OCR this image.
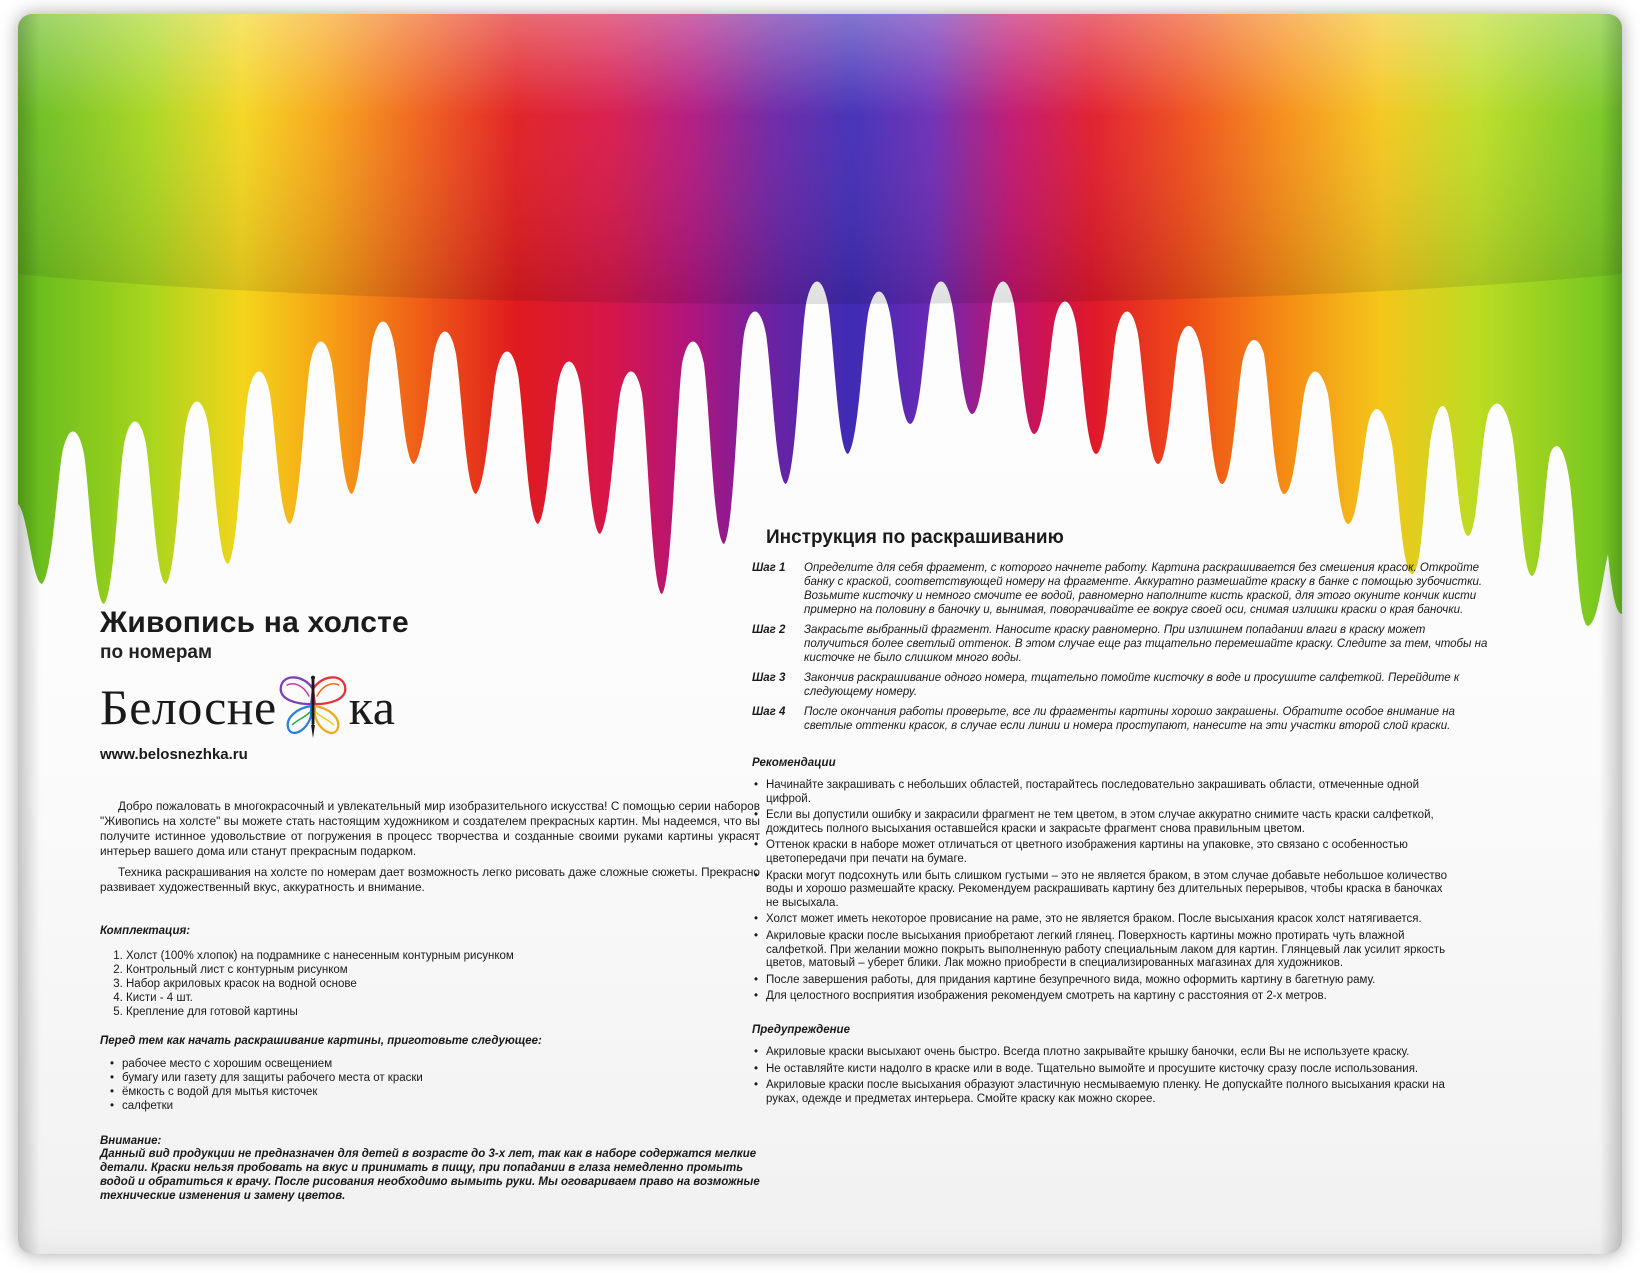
Живопись на холсте
по номерам
Белосне ка
www.belosnezhka.ru

Добро пожаловать в многокрасочный и увлекательный мир изобразительного искусства! С помощью серии наборов "Живопись на холсте" вы можете стать настоящим художником и создателем прекрасных картин. Мы надеемся, что вы получите истинное удовольствие от погружения в процесс творчества и созданные своими руками картины украсят интерьер вашего дома или станут прекрасным подарком.

Техника раскрашивания на холсте по номерам дает возможность легко рисовать даже сложные сюжеты. Прекрасно развивает художественный вкус, аккуратность и внимание.

Комплектация:
1. Холст (100% хлопок) на подрамнике с нанесенным контурным рисунком
2. Контрольный лист с контурным рисунком
3. Набор акриловых красок на водной основе
4. Кисти - 4 шт.
5. Крепление для готовой картины
Перед тем как начать раскрашивание картины, приготовьте следующее:
• рабочее место с хорошим освещением
• бумагу или газету для защиты рабочего места от краски
• ёмкость с водой для мытья кисточек
• салфетки
Внимание:

Данный вид продукции не предназначен для детей в возрасте до 3-х лет, так как в наборе содержатся мелкие детали. Краски нельзя пробовать на вкус и принимать в пищу, при попадании в глаза немедленно промыть водой и обратиться к врачу. После рисования необходимо вымыть руки. Мы оговариваем право на возможные технические изменения и замену цветов.

Инструкция по раскрашиванию
Шаг 1	Определите для себя фрагмент, с которого начнете работу. Картина раскрашивается без смешения красок. Откройте банку с краской, соответствующей номеру на фрагменте. Аккуратно размешайте краску в банке с помощью зубочистки. Возьмите кисточку и немного смочите ее водой, равномерно наполните кисть краской, для этого окуните кончик кисти примерно на половину в баночку и, вынимая, поворачивайте ее вокруг своей оси, снимая излишки краски о края баночки.
Шаг 2	Закрасьте выбранный фрагмент. Наносите краску равномерно. При излишнем попадании влаги в краску может получиться более светлый оттенок. В этом случае еще раз тщательно перемешайте краску. Следите за тем, чтобы на кисточке не было слишком много воды.
Шаг 3	Закончив раскрашивание одного номера, тщательно помойте кисточку в воде и просушите салфеткой. Перейдите к следующему номеру.
Шаг 4	После окончания работы проверьте, все ли фрагменты картины хорошо закрашены. Обратите особое внимание на светлые оттенки красок, в случае если линии и номера проступают, нанесите на эти участки второй слой краски.
Рекомендации
• Начинайте закрашивать с небольших областей, постарайтесь последовательно закрашивать области, отмеченные одной цифрой.
• Если вы допустили ошибку и закрасили фрагмент не тем цветом, в этом случае аккуратно снимите часть краски салфеткой, дождитесь полного высыхания оставшейся краски и закрасьте фрагмент снова правильным цветом.
• Оттенок краски в наборе может отличаться от цветного изображения картины на упаковке, это связано с особенностью цветопередачи при печати на бумаге.
• Краски могут подсохнуть или быть слишком густыми – это не является браком, в этом случае добавьте небольшое количество воды и хорошо размешайте краску. Рекомендуем раскрашивать картину без длительных перерывов, чтобы краска в баночках не высыхала.
• Холст может иметь некоторое провисание на раме, это не является браком. После высыхания красок холст натягивается.
• Акриловые краски после высыхания приобретают легкий глянец. Поверхность картины можно протирать чуть влажной салфеткой. При желании можно покрыть выполненную работу специальным лаком для картин. Глянцевый лак усилит яркость цветов, матовый – уберет блики. Лак можно приобрести в специализированных магазинах для художников.
• После завершения работы, для придания картине безупречного вида, можно оформить картину в багетную раму.
• Для целостного восприятия изображения рекомендуем смотреть на картину с расстояния от 2-х метров.
Предупреждение
• Акриловые краски высыхают очень быстро. Всегда плотно закрывайте крышку баночки, если Вы не используете краску.
• Не оставляйте кисти надолго в краске или в воде. Тщательно вымойте и просушите кисточку сразу после использования.
• Акриловые краски после высыхания образуют эластичную несмываемую пленку. Не допускайте полного высыхания краски на руках, одежде и предметах интерьера. Смойте краску как можно скорее.
